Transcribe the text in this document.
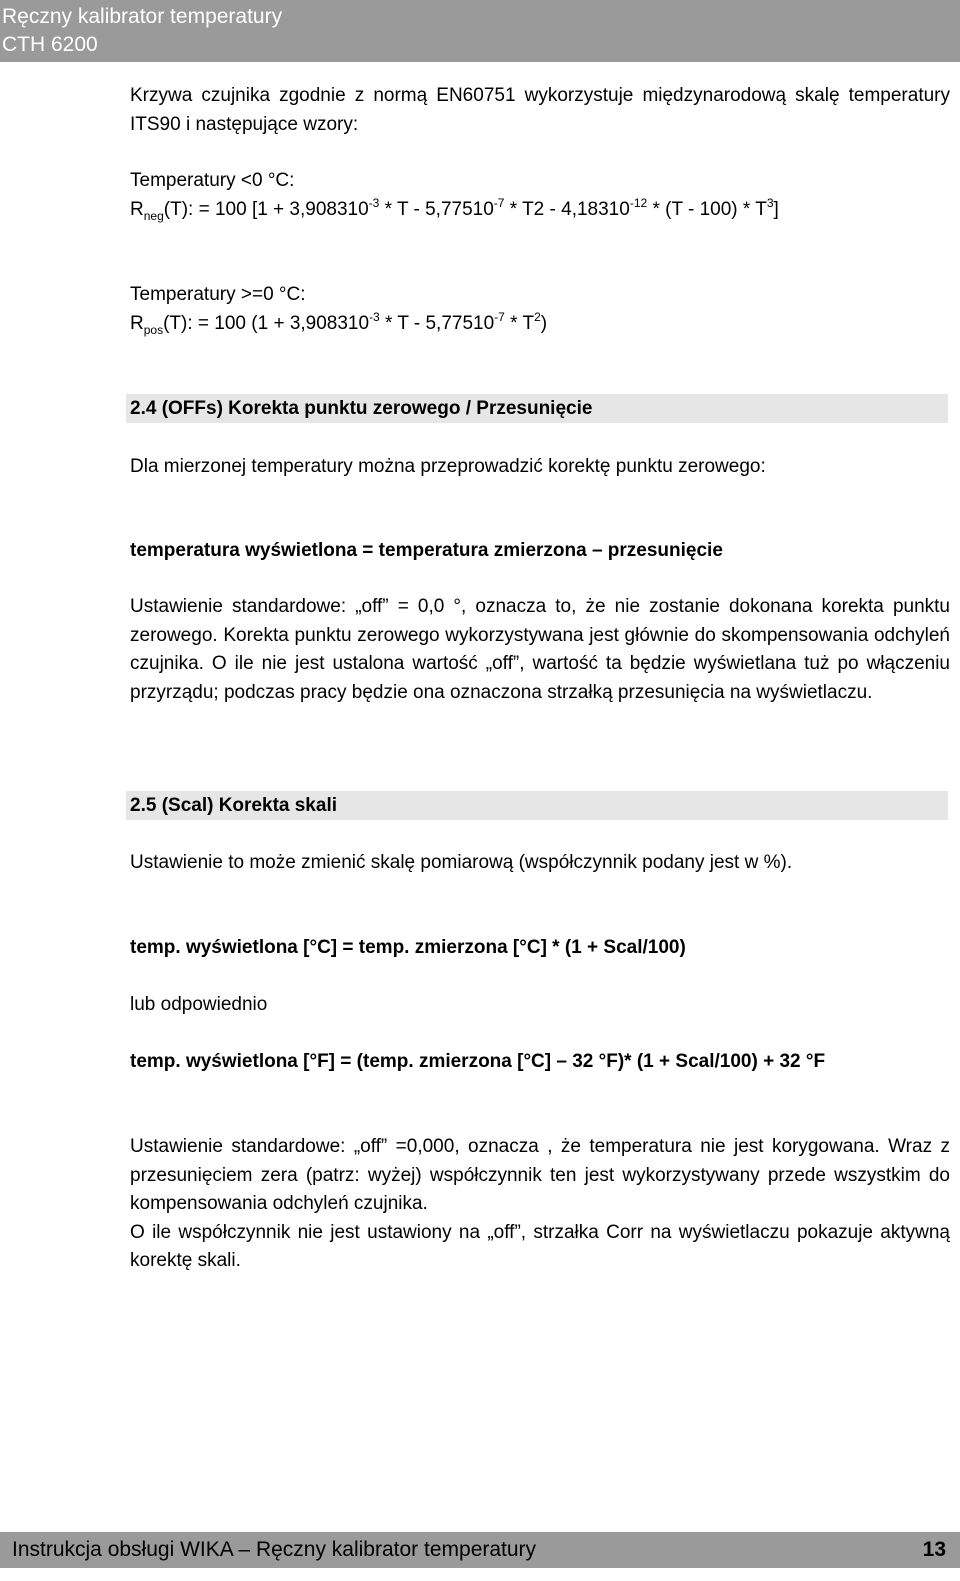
Ręczny kalibrator temperatury
CTH 6200

Krzywa czujnika zgodnie z normą EN60751 wykorzystuje międzynarodową skalę temperatury ITS90 i następujące wzory:

Temperatury <0 °C:

$R_{neg}(T)$: = 100 $[1 + 3,908310^{-3} * T - 5,77510^{-7} * T2 - 4,18310^{-12} * (T - 100) * T^3]$

Temperatury >=0 °C:

$R_{pos}(T)$: = 100 $(1 + 3,908310^{-3} * T - 5,77510^{-7} * T^2)$

2.4 (OFFs) Korekta punktu zerowego / Przesunięcie

Dla mierzonej temperatury można przeprowadzić korektę punktu zerowego:

temperatura wyświetlona = temperatura zmierzona – przesunięcie

Ustawienie standardowe: „off” = 0,0 °, oznacza to, że nie zostanie dokonana korekta punktu zerowego. Korekta punktu zerowego wykorzystywana jest głównie do skompensowania odchyleń czujnika. O ile nie jest ustalona wartość „off”, wartość ta będzie wyświetlana tuż po włączeniu przyrządu; podczas pracy będzie ona oznaczona strzałką przesunięcia na wyświetlaczu.

2.5 (Scal) Korekta skali

Ustawienie to może zmienić skalę pomiarową (współczynnik podany jest w %).

temp. wyświetlona [°C] = temp. zmierzona [°C] * (1 + Scal/100)

lub odpowiednio

temp. wyświetlona [°F] = (temp. zmierzona [°C] – 32 °F)* (1 + Scal/100) + 32 °F

Ustawienie standardowe: „off” =0,000, oznacza , że temperatura nie jest korygowana. Wraz z przesunięciem zera (patrz: wyżej) współczynnik ten jest wykorzystywany przede wszystkim do kompensowania odchyleń czujnika.

O ile współczynnik nie jest ustawiony na „off”, strzałka Corr na wyświetlaczu pokazuje aktywną korektę skali.

Instrukcja obsługi WIKA – Ręczny kalibrator temperatury	13
